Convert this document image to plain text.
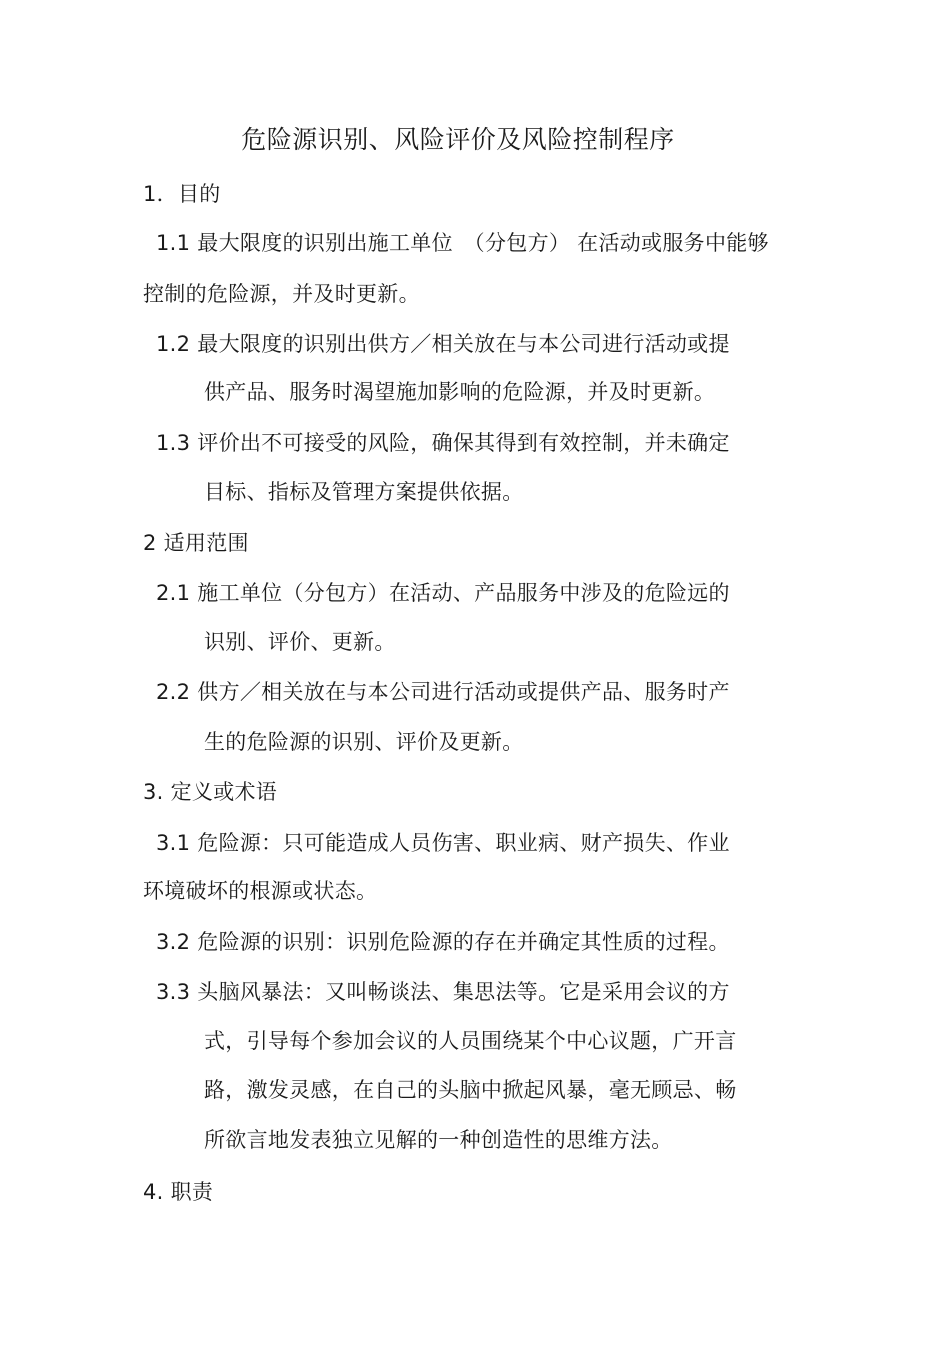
危险源识别、风险评价及风险控制程序
1．目的
1.1 最大限度的识别出施工单位　（分包方） 在活动或服务中能够
控制的危险源，并及时更新。
1.2 最大限度的识别出供方／相关放在与本公司进行活动或提
供产品、服务时渴望施加影响的危险源，并及时更新。
1.3 评价出不可接受的风险，确保其得到有效控制，并未确定
目标、指标及管理方案提供依据。
2 适用范围
2.1 施工单位（分包方）在活动、产品服务中涉及的危险远的
识别、评价、更新。
2.2 供方／相关放在与本公司进行活动或提供产品、服务时产
生的危险源的识别、评价及更新。
3. 定义或术语
3.1 危险源：只可能造成人员伤害、职业病、财产损失、作业
环境破坏的根源或状态。
3.2 危险源的识别：识别危险源的存在并确定其性质的过程。
3.3 头脑风暴法：又叫畅谈法、集思法等。它是采用会议的方
式，引导每个参加会议的人员围绕某个中心议题，广开言
路，激发灵感，在自己的头脑中掀起风暴，毫无顾忌、畅
所欲言地发表独立见解的一种创造性的思维方法。
4. 职责
